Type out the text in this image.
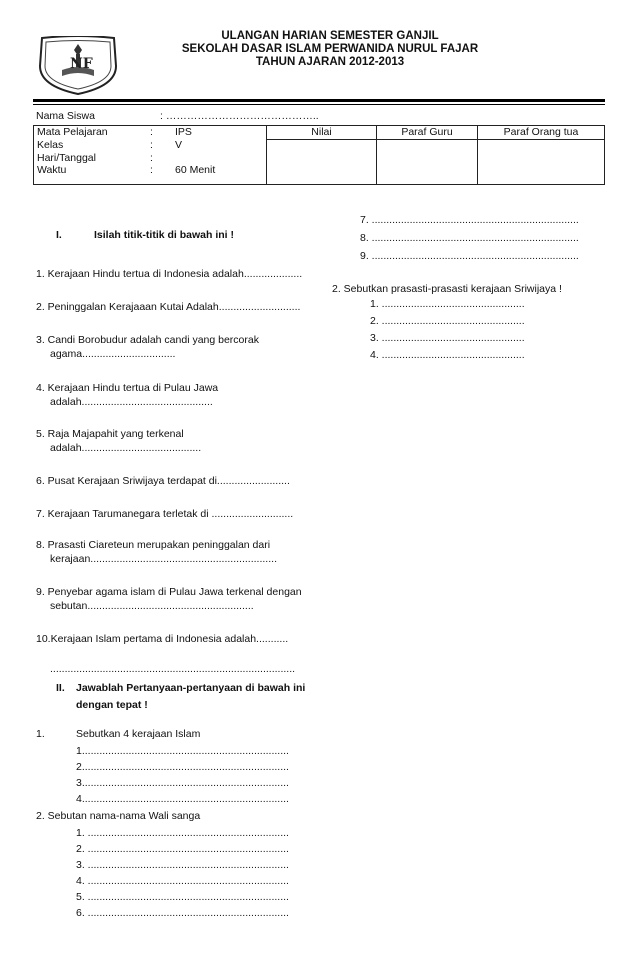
NF
ULANGAN HARIAN SEMESTER GANJIL
SEKOLAH DASAR ISLAM PERWANIDA NURUL FAJAR
TAHUN AJARAN 2012-2013
Nama Siswa	: ……………………………………..
Mata Pelajaran	:	IPS	Nilai	Paraf Guru	Paraf Orang tua
Kelas	:	V			
Hari/Tanggal	:				
Waktu	:	60 Menit			
I.	Isilah titik-titik di bawah ini !
1. Kerajaan Hindu tertua di Indonesia adalah....................
2. Peninggalan Kerajaaan Kutai Adalah............................
3. Candi Borobudur adalah candi yang bercorak
agama................................
4. Kerajaan Hindu tertua di Pulau Jawa
adalah.............................................
5. Raja Majapahit yang terkenal
adalah.........................................
6. Pusat Kerajaan Sriwijaya terdapat di.........................
7. Kerajaan Tarumanegara terletak di ............................
8. Prasasti Ciareteun merupakan peninggalan dari
kerajaan................................................................
9. Penyebar agama islam di Pulau Jawa terkenal dengan
sebutan.........................................................
10.Kerajaan Islam pertama di Indonesia adalah...........
....................................................................................
II. Jawablah Pertanyaan-pertanyaan di bawah ini
dengan tepat !
1.	Sebutkan 4 kerajaan Islam
1.......................................................................
2.......................................................................
3.......................................................................
4.......................................................................
2. Sebutan nama-nama Wali sanga
1. .....................................................................
2. .....................................................................
3. .....................................................................
4. .....................................................................
5. .....................................................................
6. .....................................................................
7. .......................................................................
8. .......................................................................
9. .......................................................................
2. Sebutkan prasasti-prasasti kerajaan Sriwijaya !
1. .................................................
2. .................................................
3. .................................................
4. .................................................
